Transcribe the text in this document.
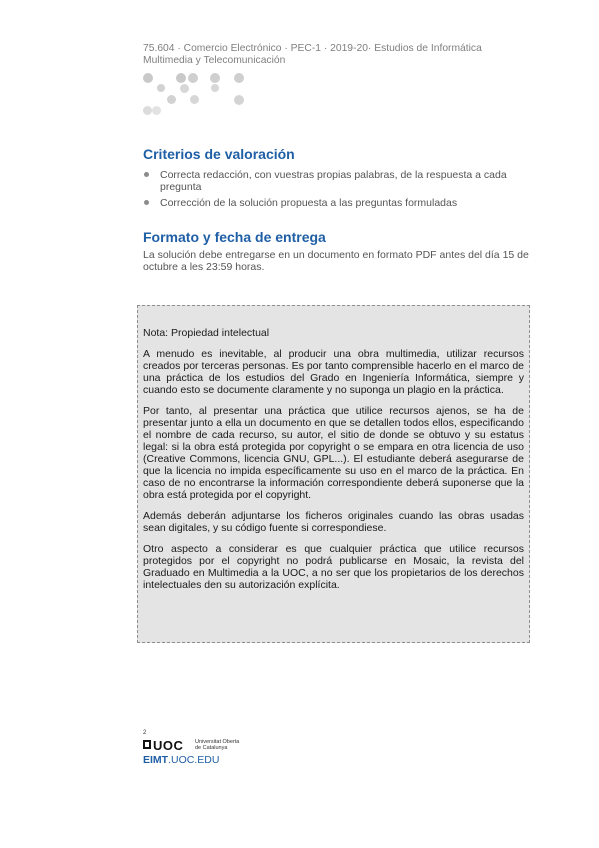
75.604 · Comercio Electrónico · PEC-1 · 2019-20· Estudios de Informática Multimedia y Telecomunicación
Criterios de valoración
Correcta redacción, con vuestras propias palabras, de la respuesta a cada pregunta
Corrección de la solución propuesta a las preguntas formuladas
Formato y fecha de entrega
La solución debe entregarse en un documento en formato PDF antes del día 15 de octubre a les 23:59 horas.

Nota: Propiedad intelectual

A menudo es inevitable, al producir una obra multimedia, utilizar recursos creados por terceras personas. Es por tanto comprensible hacerlo en el marco de una práctica de los estudios del Grado en Ingeniería Informática, siempre y cuando esto se documente claramente y no suponga un plagio en la práctica.

Por tanto, al presentar una práctica que utilice recursos ajenos, se ha de presentar junto a ella un documento en que se detallen todos ellos, especificando el nombre de cada recurso, su autor, el sitio de donde se obtuvo y su estatus legal: si la obra está protegida por copyright o se empara en otra licencia de uso (Creative Commons, licencia GNU, GPL...). El estudiante deberá asegurarse de que la licencia no impida específicamente su uso en el marco de la práctica. En caso de no encontrarse la información correspondiente deberá suponerse que la obra está protegida por el copyright.

Además deberán adjuntarse los ficheros originales cuando las obras usadas sean digitales, y su código fuente si correspondiese.

Otro aspecto a considerar es que cualquier práctica que utilice recursos protegidos por el copyright no podrá publicarse en Mosaic, la revista del Graduado en Multimedia a la UOC, a no ser que los propietarios de los derechos intelectuales den su autorización explícita.

2
UOC Universitat Oberta
de Catalunya
EIMT.UOC.EDU
